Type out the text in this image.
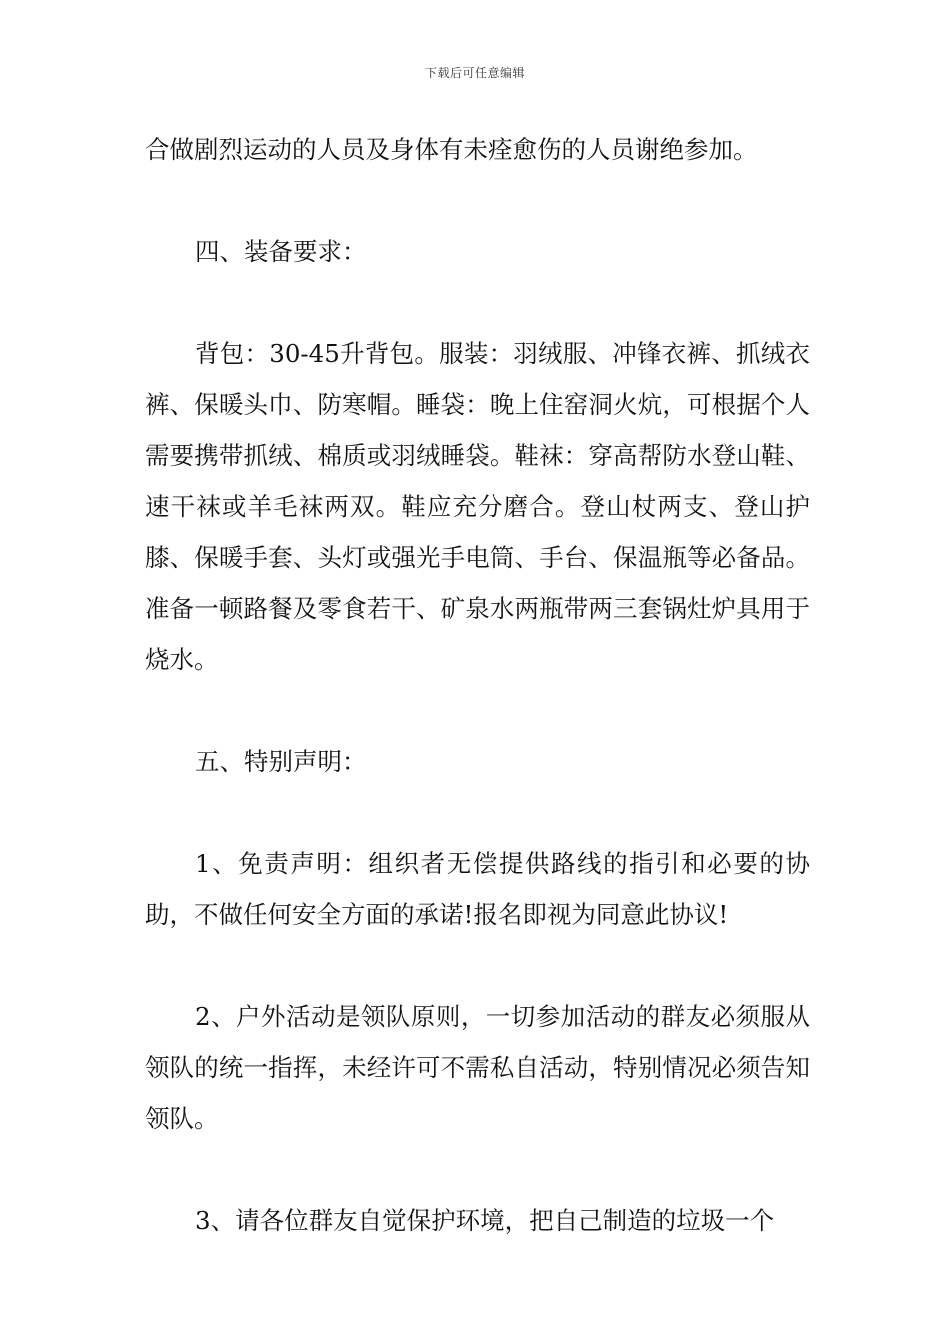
下载后可任意编辑

合做剧烈运动的人员及身体有未痊愈伤的人员谢绝参加。

四、装备要求：

背包：30-45升背包。服装：羽绒服、冲锋衣裤、抓绒衣裤、保暖头巾、防寒帽。睡袋：晚上住窑洞火炕，可根据个人需要携带抓绒、棉质或羽绒睡袋。鞋袜：穿高帮防水登山鞋、速干袜或羊毛袜两双。鞋应充分磨合。登山杖两支、登山护膝、保暖手套、头灯或强光手电筒、手台、保温瓶等必备品。准备一顿路餐及零食若干、矿泉水两瓶带两三套锅灶炉具用于烧水。

五、特别声明：

1、免责声明：组织者无偿提供路线的指引和必要的协助，不做任何安全方面的承诺!报名即视为同意此协议!

2、户外活动是领队原则，一切参加活动的群友必须服从领队的统一指挥，未经许可不需私自活动，特别情况必须告知领队。

3、请各位群友自觉保护环境，把自己制造的垃圾一个
